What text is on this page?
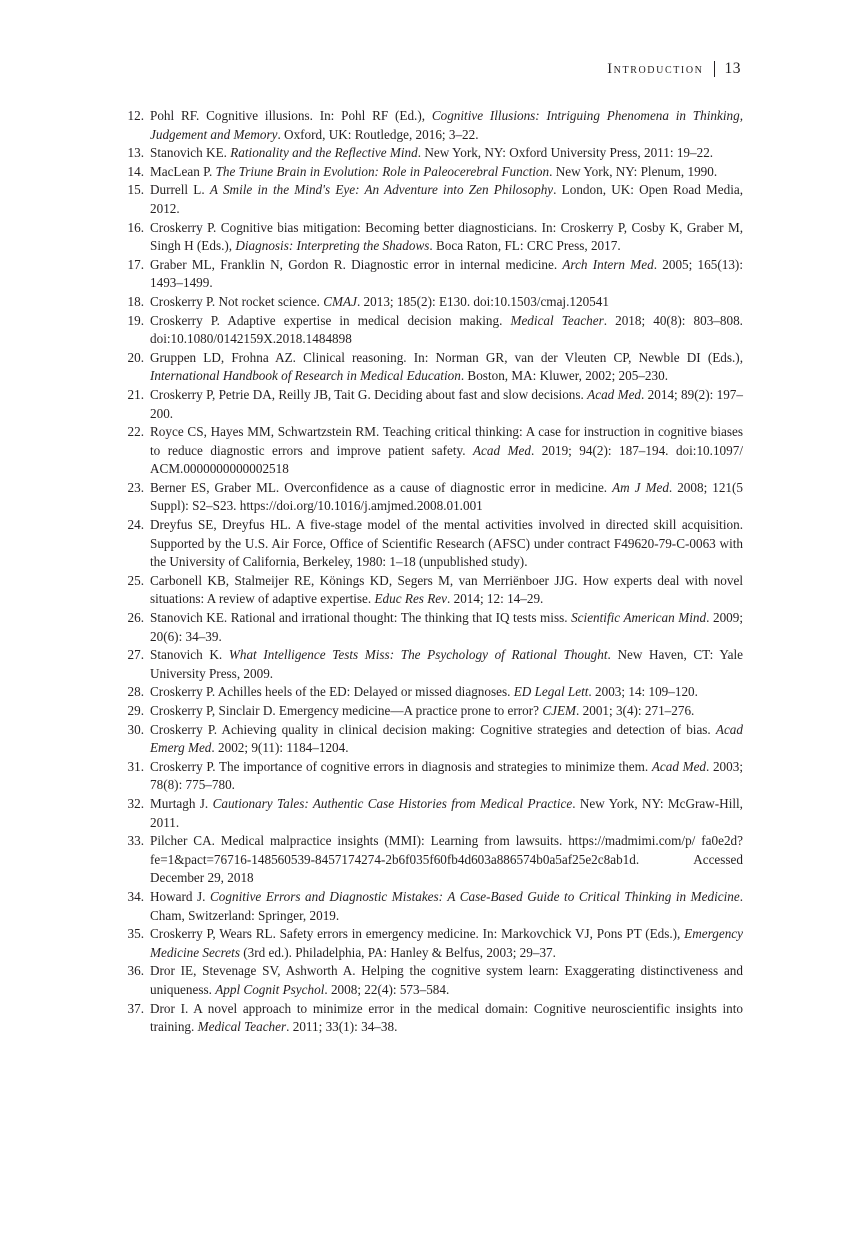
Introduction 13
12. Pohl RF. Cognitive illusions. In: Pohl RF (Ed.), Cognitive Illusions: Intriguing Phenomena in Thinking, Judgement and Memory. Oxford, UK: Routledge, 2016; 3–22.
13. Stanovich KE. Rationality and the Reflective Mind. New York, NY: Oxford University Press, 2011: 19–22.
14. MacLean P. The Triune Brain in Evolution: Role in Paleocerebral Function. New York, NY: Plenum, 1990.
15. Durrell L. A Smile in the Mind's Eye: An Adventure into Zen Philosophy. London, UK: Open Road Media, 2012.
16. Croskerry P. Cognitive bias mitigation: Becoming better diagnosticians. In: Croskerry P, Cosby K, Graber M, Singh H (Eds.), Diagnosis: Interpreting the Shadows. Boca Raton, FL: CRC Press, 2017.
17. Graber ML, Franklin N, Gordon R. Diagnostic error in internal medicine. Arch Intern Med. 2005; 165(13): 1493–1499.
18. Croskerry P. Not rocket science. CMAJ. 2013; 185(2): E130. doi:10.1503/cmaj.120541
19. Croskerry P. Adaptive expertise in medical decision making. Medical Teacher. 2018; 40(8): 803–808. doi:10.1080/0142159X.2018.1484898
20. Gruppen LD, Frohna AZ. Clinical reasoning. In: Norman GR, van der Vleuten CP, Newble DI (Eds.), International Handbook of Research in Medical Education. Boston, MA: Kluwer, 2002; 205–230.
21. Croskerry P, Petrie DA, Reilly JB, Tait G. Deciding about fast and slow decisions. Acad Med. 2014; 89(2): 197–200.
22. Royce CS, Hayes MM, Schwartzstein RM. Teaching critical thinking: A case for instruction in cognitive biases to reduce diagnostic errors and improve patient safety. Acad Med. 2019; 94(2): 187–194. doi:10.1097/ ACM.0000000000002518
23. Berner ES, Graber ML. Overconfidence as a cause of diagnostic error in medicine. Am J Med. 2008; 121(5 Suppl): S2–S23. https://doi.org/10.1016/j.amjmed.2008.01.001
24. Dreyfus SE, Dreyfus HL. A five-stage model of the mental activities involved in directed skill acquisition. Supported by the U.S. Air Force, Office of Scientific Research (AFSC) under contract F49620-79-C-0063 with the University of California, Berkeley, 1980: 1–18 (unpublished study).
25. Carbonell KB, Stalmeijer RE, Könings KD, Segers M, van Merriënboer JJG. How experts deal with novel situations: A review of adaptive expertise. Educ Res Rev. 2014; 12: 14–29.
26. Stanovich KE. Rational and irrational thought: The thinking that IQ tests miss. Scientific American Mind. 2009; 20(6): 34–39.
27. Stanovich K. What Intelligence Tests Miss: The Psychology of Rational Thought. New Haven, CT: Yale University Press, 2009.
28. Croskerry P. Achilles heels of the ED: Delayed or missed diagnoses. ED Legal Lett. 2003; 14: 109–120.
29. Croskerry P, Sinclair D. Emergency medicine—A practice prone to error? CJEM. 2001; 3(4): 271–276.
30. Croskerry P. Achieving quality in clinical decision making: Cognitive strategies and detection of bias. Acad Emerg Med. 2002; 9(11): 1184–1204.
31. Croskerry P. The importance of cognitive errors in diagnosis and strategies to minimize them. Acad Med. 2003; 78(8): 775–780.
32. Murtagh J. Cautionary Tales: Authentic Case Histories from Medical Practice. New York, NY: McGraw-Hill, 2011.
33. Pilcher CA. Medical malpractice insights (MMI): Learning from lawsuits. https://madmimi.com/p/ fa0e2d?fe=1&pact=76716-148560539-8457174274-2b6f035f60fb4d603a886574b0a5af25e2c8ab1d. Accessed December 29, 2018
34. Howard J. Cognitive Errors and Diagnostic Mistakes: A Case-Based Guide to Critical Thinking in Medicine. Cham, Switzerland: Springer, 2019.
35. Croskerry P, Wears RL. Safety errors in emergency medicine. In: Markovchick VJ, Pons PT (Eds.), Emergency Medicine Secrets (3rd ed.). Philadelphia, PA: Hanley & Belfus, 2003; 29–37.
36. Dror IE, Stevenage SV, Ashworth A. Helping the cognitive system learn: Exaggerating distinctiveness and uniqueness. Appl Cognit Psychol. 2008; 22(4): 573–584.
37. Dror I. A novel approach to minimize error in the medical domain: Cognitive neuroscientific insights into training. Medical Teacher. 2011; 33(1): 34–38.
